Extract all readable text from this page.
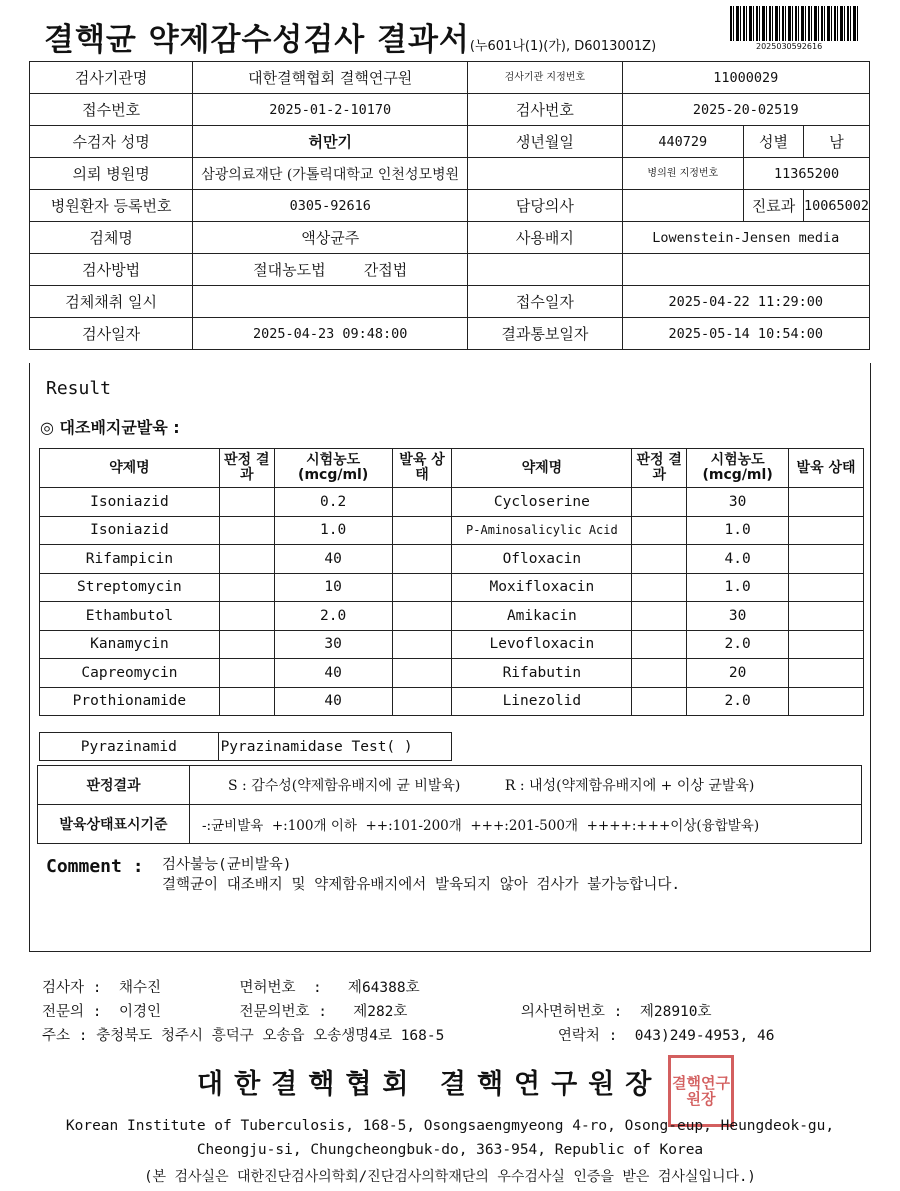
결핵균 약제감수성검사 결과서(누601나(1)(가), D6013001Z)	2025030592616
검사기관명	대한결핵협회 결핵연구원	검사기관 지정번호	11000029		
접수번호	2025-01-2-10170	검사번호	2025-20-02519		
수검자 성명	허만기	생년월일	440729	성별	남
의뢰 병원명	삼광의료재단 (가톨릭대학교 인천성모병원		병의원 지정번호	11365200	
병원환자 등록번호	0305-92616	담당의사		진료과	10065002
검체명	액상균주	사용배지	Lowenstein-Jensen media		
검사방법	절대농도법 간접법				
검체채취 일시		접수일자	2025-04-22 11:29:00		
검사일자	2025-04-23 09:48:00	결과통보일자	2025-05-14 10:54:00		
Result
◎ 대조배지균발육 :
약제명	판정 결과	시험농도 (mcg/ml)	발육 상태	약제명	판정 결과	시험농도 (mcg/ml)	발육 상태
Isoniazid		0.2		Cycloserine		30	
Isoniazid		1.0		P-Aminosalicylic Acid		1.0	
Rifampicin		40		Ofloxacin		4.0	
Streptomycin		10		Moxifloxacin		1.0	
Ethambutol		2.0		Amikacin		30	
Kanamycin		30		Levofloxacin		2.0	
Capreomycin		40		Rifabutin		20	
Prothionamide		40		Linezolid		2.0	
Pyrazinamid	Pyrazinamidase Test( )
판정결과	S : 감수성(약제함유배지에 균 비발육) R : 내성(약제함유배지에 + 이상 균발육)
발육상태표시기준	-:균비발육  +:100개 이하  ++:101-200개  +++:201-500개  ++++:+++이상(융합발육)
Comment : 검사불능(균비발육)
결핵균이 대조배지 및 약제함유배지에서 발육되지 않아 검사가 불가능합니다.
검사자 :  채수진         면허번호  :   제64388호
전문의 :  이경인         전문의번호 :   제282호             의사면허번호 :  제28910호
주소 : 충청북도 청주시 흥덕구 오송읍 오송생명4로 168-5             연락처 :  043)249-4953, 46
대한결핵협회 결핵연구원장 결핵연구원장
Korean Institute of Tuberculosis, 168-5, Osongsaengmyeong 4-ro, Osong-eup, Heungdeok-gu,
Cheongju-si, Chungcheongbuk-do, 363-954, Republic of Korea
(본 검사실은 대한진단검사의학회/진단검사의학재단의 우수검사실 인증을 받은 검사실입니다.)
